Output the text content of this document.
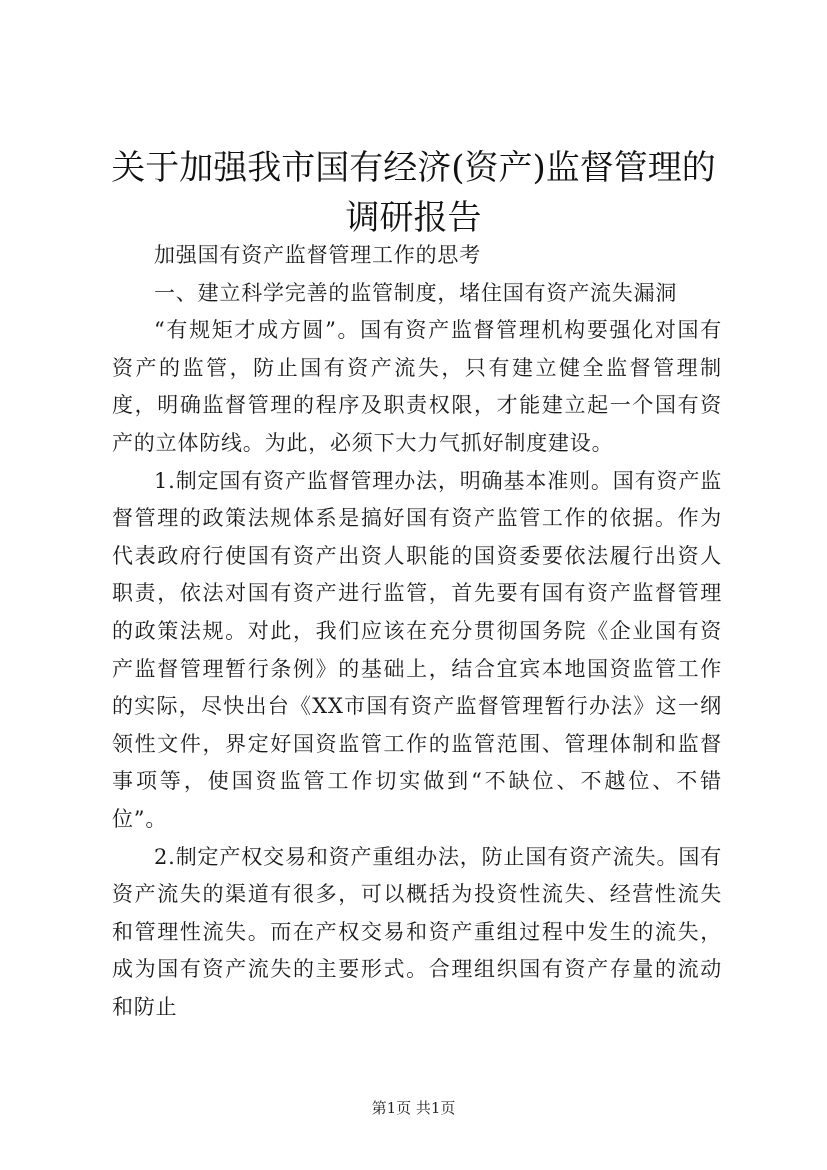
关于加强我市国有经济(资产)监督管理的调研报告

加强国有资产监督管理工作的思考

一、建立科学完善的监管制度，堵住国有资产流失漏洞

“有规矩才成方圆”。国有资产监督管理机构要强化对国有资产的监管，防止国有资产流失，只有建立健全监督管理制度，明确监督管理的程序及职责权限，才能建立起一个国有资产的立体防线。为此，必须下大力气抓好制度建设。

1.制定国有资产监督管理办法，明确基本准则。国有资产监督管理的政策法规体系是搞好国有资产监管工作的依据。作为代表政府行使国有资产出资人职能的国资委要依法履行出资人职责，依法对国有资产进行监管，首先要有国有资产监督管理的政策法规。对此，我们应该在充分贯彻国务院《企业国有资产监督管理暂行条例》的基础上，结合宜宾本地国资监管工作的实际，尽快出台《XX市国有资产监督管理暂行办法》这一纲领性文件，界定好国资监管工作的监管范围、管理体制和监督事项等，使国资监管工作切实做到“不缺位、不越位、不错位”。

2.制定产权交易和资产重组办法，防止国有资产流失。国有资产流失的渠道有很多，可以概括为投资性流失、经营性流失和管理性流失。而在产权交易和资产重组过程中发生的流失，成为国有资产流失的主要形式。合理组织国有资产存量的流动和防止

第1页 共1页
